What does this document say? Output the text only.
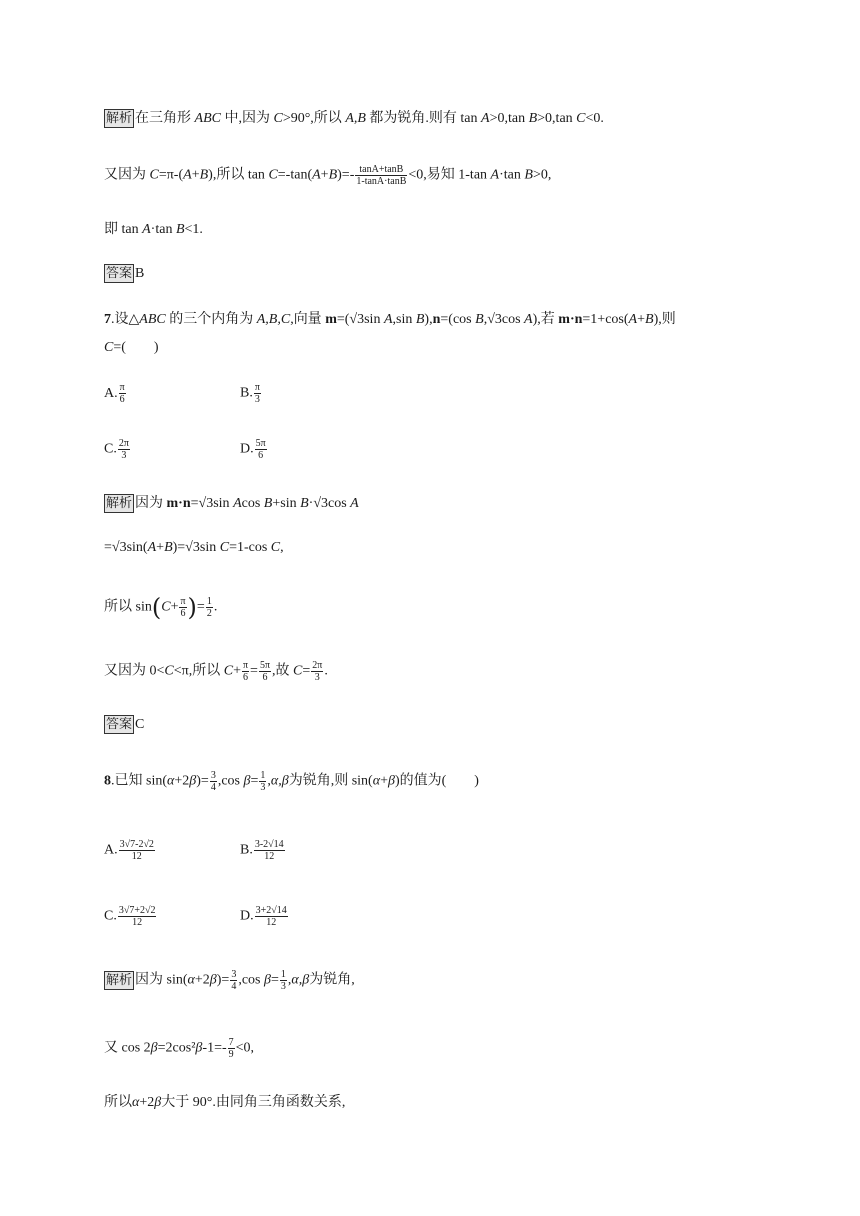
解析 在三角形 ABC 中,因为 C>90°,所以 A,B 都为锐角.则有 tan A>0,tan B>0,tan C<0.
又因为 C=π-(A+B),所以 $\tan C=-\tan(A+B)=- \frac{\tan A+\tan B}{1-\tan A\cdot\tan B} <0$,易知 1-tan A·tan B>0,
即 tan A·tan B<1.
答案 B
7.设△ABC 的三个内角为 A,B,C,向量 m=(√3sin A,sin B),n=(cos B,√3cos A),若 m·n=1+cos(A+B),则
C=(        )
A. $\frac{\pi}{6}$	B. $\frac{\pi}{3}$
C. $\frac{2\pi}{3}$	D. $\frac{5\pi}{6}$
解析 因为 m·n=√3sin Acos B+sin B·√3cos A
=√3sin(A+B)=√3sin C=1-cos C,
所以 $\sin(C+ \frac{\pi}{6}$ )= $\frac{1}{2}$ .
又因为 0<C<π,所以 $C+ \frac{\pi}{6} = \frac{5\pi}{6}$ ,故 $C= \frac{2\pi}{3}$ .
答案 C
8.已知 $\sin(\alpha+2\beta)= \frac{3}{4} ,\cos$ $\beta= \frac{1}{3} ,\alpha,\beta$为锐角,则 sin(α+β)的值为(        )
A. $\frac{3√7-2√2}{12}$	B. $\frac{3-2√14}{12}$
C. $\frac{3√7+2√2}{12}$	D. $\frac{3+2√14}{12}$
解析 因为 $\sin(\alpha+2\beta)= \frac{3}{4} ,\cos$ $\beta= \frac{1}{3} ,\alpha,\beta$为锐角,
又 $\cos 2\beta=2\cos^2\beta-1=- \frac{7}{9} <0$,
所以α+2β大于 90°.由同角三角函数关系,
